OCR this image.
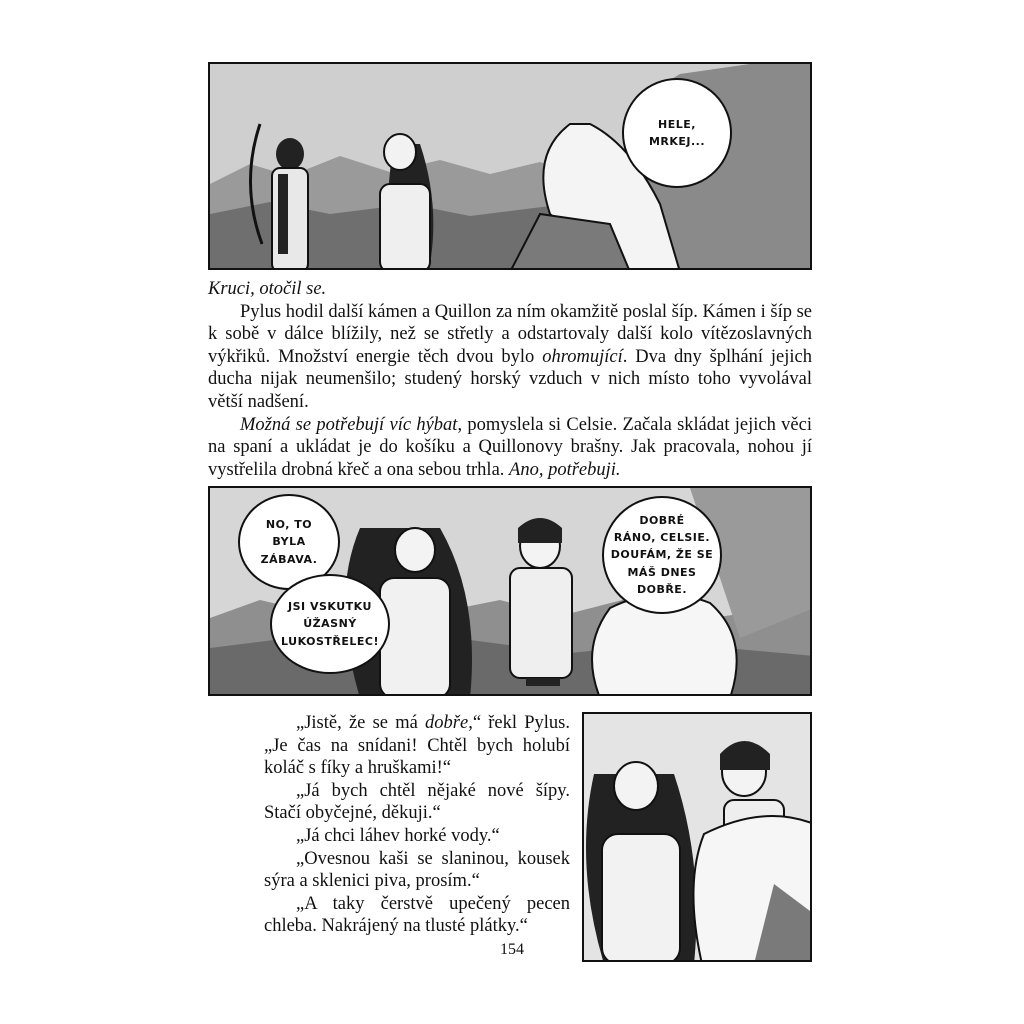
HELE,
MRKEJ...

Kruci, otočil se.

Pylus hodil další kámen a Quillon za ním okamžitě poslal šíp. Kámen i šíp se k sobě v dálce blížily, než se střetly a odstartovaly další kolo vítězoslavných výkřiků. Množství energie těch dvou bylo ohromující. Dva dny šplhání jejich ducha nijak neumenšilo; studený horský vzduch v nich místo toho vyvolával větší nadšení.

Možná se potřebují víc hýbat, pomyslela si Celsie. Začala skládat jejich věci na spaní a ukládat je do košíku a Quillonovy brašny. Jak pracovala, nohou jí vystřelila drobná křeč a ona sebou trhla. Ano, potřebuji.

NO, TO
BYLA
ZÁBAVA.
JSI VSKUTKU
ÚŽASNÝ
LUKOSTŘELEC!
DOBRÉ
RÁNO, CELSIE.
DOUFÁM, ŽE SE
MÁŠ DNES
DOBŘE.

„Jistě, že se má dobře,“ řekl Pylus. „Je čas na snídani! Chtěl bych holubí koláč s fíky a hruškami!“

„Já bych chtěl nějaké nové šípy. Stačí obyčejné, děkuji.“

„Já chci láhev horké vody.“

„Ovesnou kaši se slaninou, kousek sýra a sklenici piva, prosím.“

„A taky čerstvě upečený pecen chleba. Nakrájený na tlusté plátky.“

154
